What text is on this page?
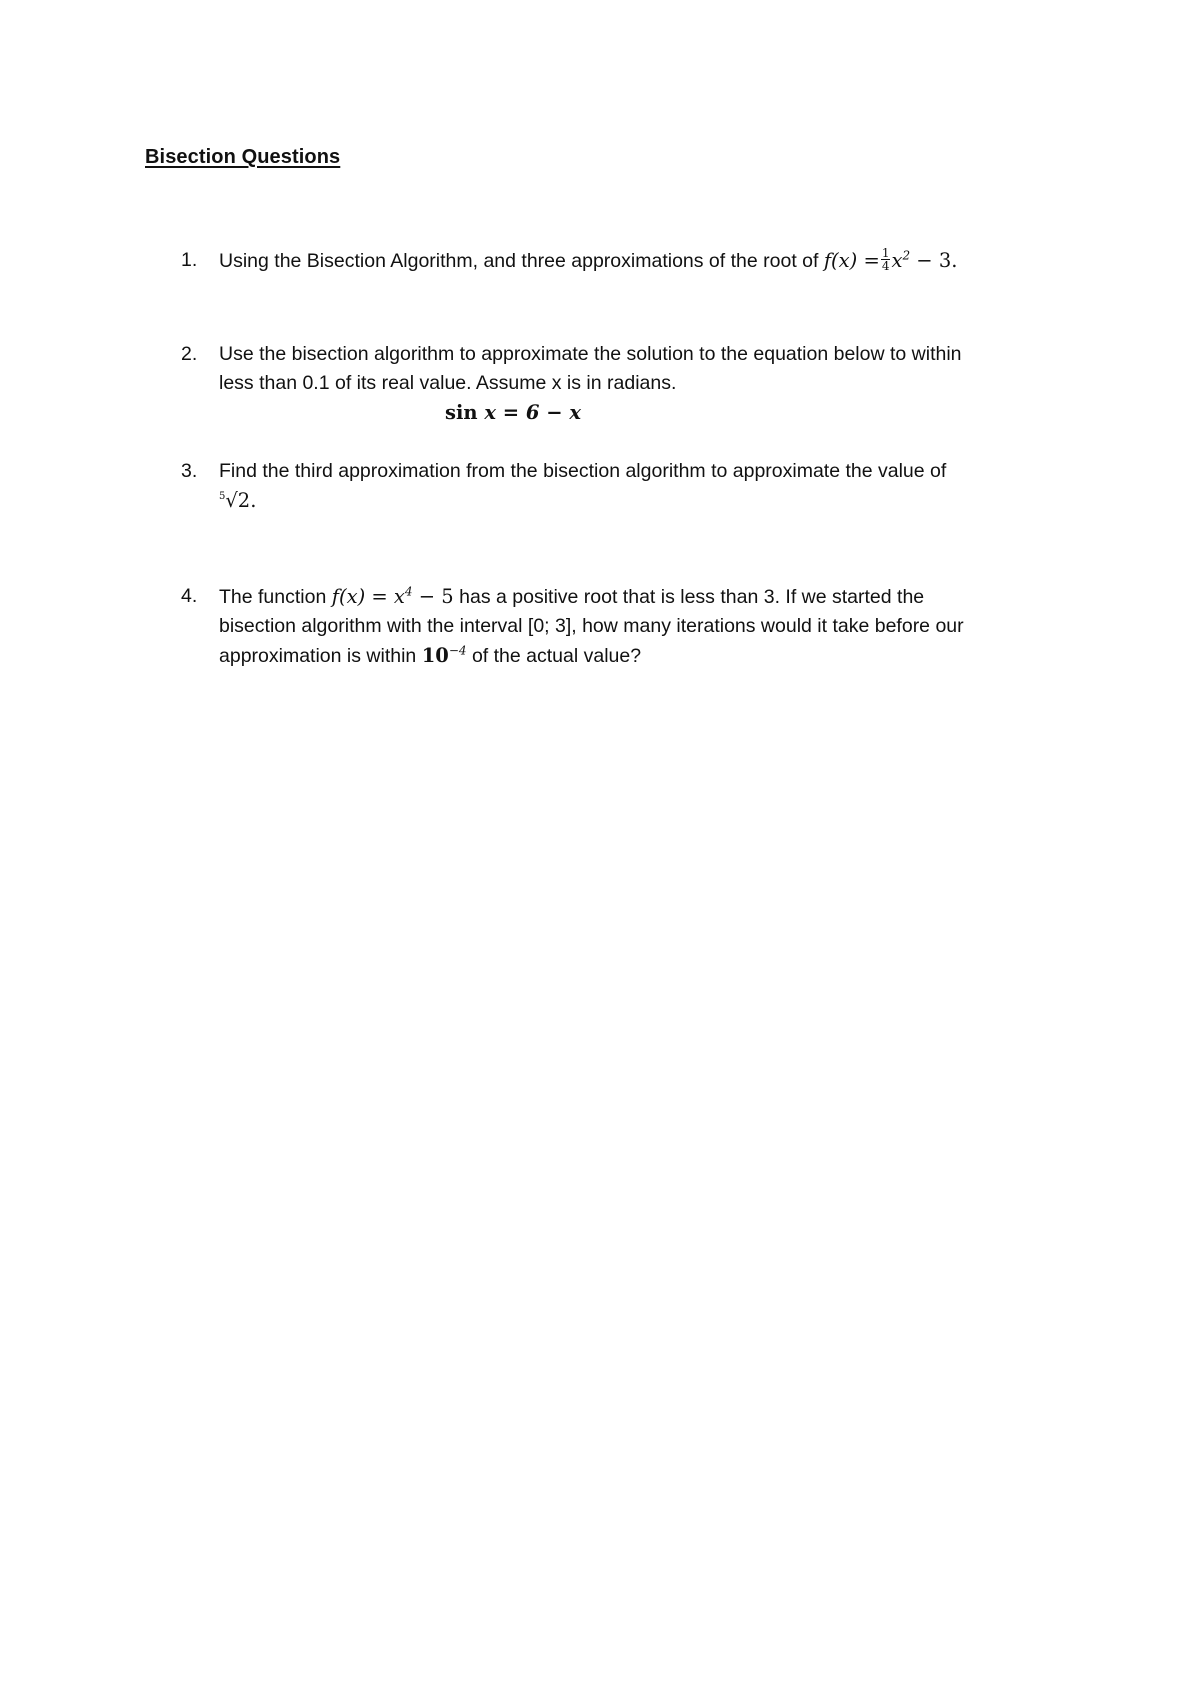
Bisection Questions
1. Using the Bisection Algorithm, and three approximations of the root of $f(x) = \frac{1}{4} x^2 - 3$.
2. Use the bisection algorithm to approximate the solution to the equation below to within
less than 0.1 of its real value. Assume x is in radians.
sin x = 6 − x
3. Find the third approximation from the bisection algorithm to approximate the value of
$^5$√2.
4. The function $f(x) = x^4 - 5$ has a positive root that is less than 3. If we started the
bisection algorithm with the interval [0; 3], how many iterations would it take before our
approximation is within $10^{-4}$ of the actual value?
